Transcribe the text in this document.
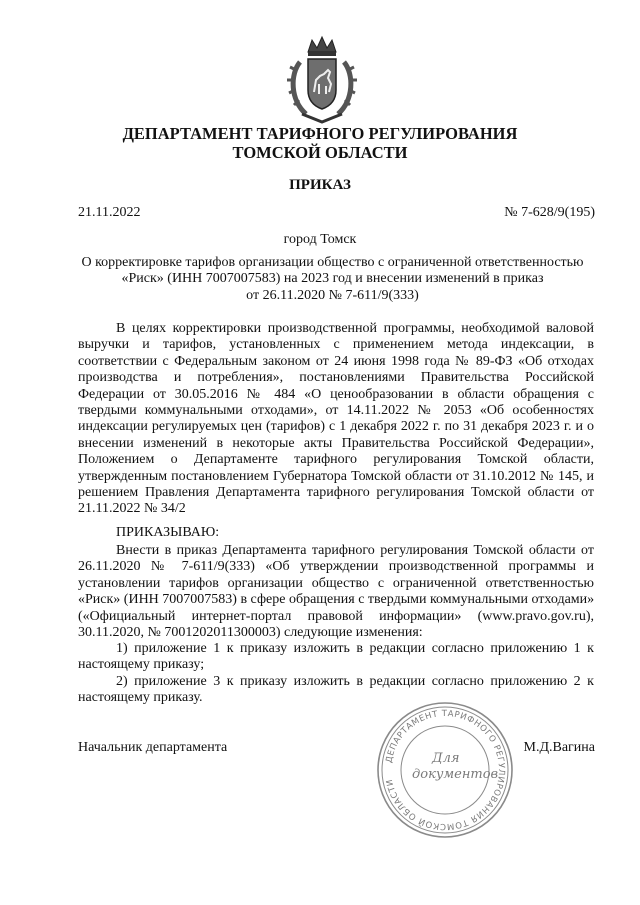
ДЕПАРТАМЕНТ ТАРИФНОГО РЕГУЛИРОВАНИЯ
ТОМСКОЙ ОБЛАСТИ
ПРИКАЗ
21.11.2022	№ 7-628/9(195)
город Томск
О корректировке тарифов организации общество с ограниченной ответственностью
«Риск» (ИНН 7007007583) на 2023 год и внесении изменений в приказ
от 26.11.2020 № 7-611/9(333)
В целях корректировки производственной программы, необходимой валовой
выручки и тарифов, установленных с применением метода индексации, в
соответствии с Федеральным законом от 24 июня 1998 года № 89-ФЗ «Об отходах
производства и потребления», постановлениями Правительства Российской
Федерации от 30.05.2016 № 484 «О ценообразовании в области обращения с
твердыми коммунальными отходами», от 14.11.2022 № 2053 «Об особенностях
индексации регулируемых цен (тарифов) с 1 декабря 2022 г. по 31 декабря 2023 г. и о
внесении изменений в некоторые акты Правительства Российской Федерации»,
Положением о Департаменте тарифного регулирования Томской области,
утвержденным постановлением Губернатора Томской области от 31.10.2012 № 145, и
решением Правления Департамента тарифного регулирования Томской области от
21.11.2022 № 34/2
ПРИКАЗЫВАЮ:
Внести в приказ Департамента тарифного регулирования Томской области от
26.11.2020 № 7-611/9(333) «Об утверждении производственной программы и
установлении тарифов организации общество с ограниченной ответственностью
«Риск» (ИНН 7007007583) в сфере обращения с твердыми коммунальными отходами»
(«Официальный интернет-портал правовой информации» (www.pravo.gov.ru),
30.11.2020, № 7001202011300003) следующие изменения:
1) приложение 1 к приказу изложить в редакции согласно приложению 1 к
настоящему приказу;
2) приложение 3 к приказу изложить в редакции согласно приложению 2 к
настоящему приказу.
Начальник департамента	М.Д.Вагина
ДЕПАРТАМЕНТ ТАРИФНОГО РЕГУЛИРОВАНИЯ ТОМСКОЙ ОБЛАСТИ
Для
документов
